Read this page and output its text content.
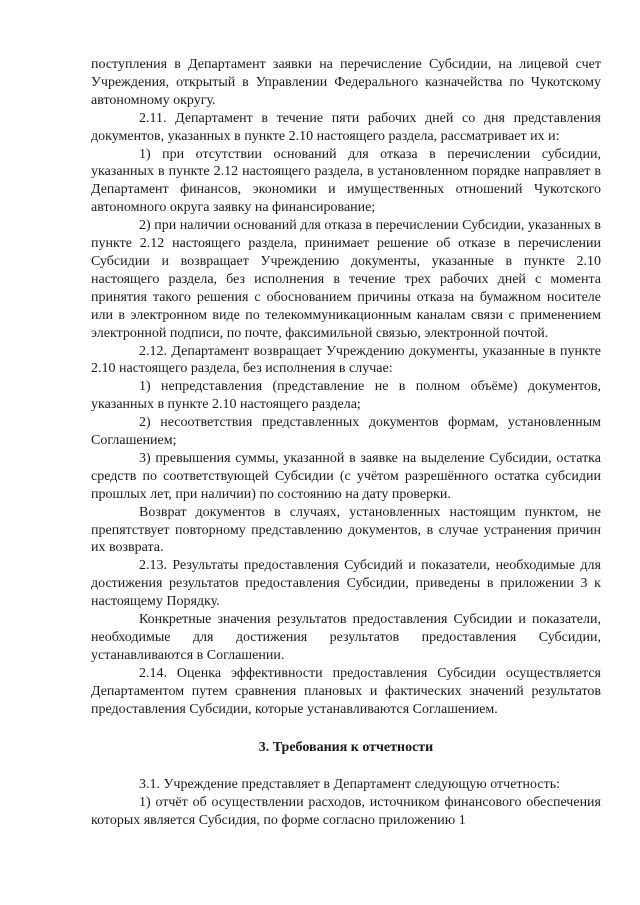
поступления в Департамент заявки на перечисление Субсидии, на лицевой счет Учреждения, открытый в Управлении Федерального казначейства по Чукотскому автономному округу.

2.11. Департамент в течение пяти рабочих дней со дня представления документов, указанных в пункте 2.10 настоящего раздела, рассматривает их и:

1) при отсутствии оснований для отказа в перечислении субсидии, указанных в пункте 2.12 настоящего раздела, в установленном порядке направляет в Департамент финансов, экономики и имущественных отношений Чукотского автономного округа заявку на финансирование;

2) при наличии оснований для отказа в перечислении Субсидии, указанных в пункте 2.12 настоящего раздела, принимает решение об отказе в перечислении Субсидии и возвращает Учреждению документы, указанные в пункте 2.10 настоящего раздела, без исполнения в течение трех рабочих дней с момента принятия такого решения с обоснованием причины отказа на бумажном носителе или в электронном виде по телекоммуникационным каналам связи с применением электронной подписи, по почте, факсимильной связью, электронной почтой.

2.12. Департамент возвращает Учреждению документы, указанные в пункте 2.10 настоящего раздела, без исполнения в случае:

1) непредставления (представление не в полном объёме) документов, указанных в пункте 2.10 настоящего раздела;

2) несоответствия представленных документов формам, установленным Соглашением;

3) превышения суммы, указанной в заявке на выделение Субсидии, остатка средств по соответствующей Субсидии (с учётом разрешённого остатка субсидии прошлых лет, при наличии) по состоянию на дату проверки.

Возврат документов в случаях, установленных настоящим пунктом, не препятствует повторному представлению документов, в случае устранения причин их возврата.

2.13. Результаты предоставления Субсидий и показатели, необходимые для достижения результатов предоставления Субсидии, приведены в приложении 3 к настоящему Порядку.

Конкретные значения результатов предоставления Субсидии и показатели, необходимые для достижения результатов предоставления Субсидии, устанавливаются в Соглашении.

2.14. Оценка эффективности предоставления Субсидии осуществляется Департаментом путем сравнения плановых и фактических значений результатов предоставления Субсидии, которые устанавливаются Соглашением.

3. Требования к отчетности

3.1. Учреждение представляет в Департамент следующую отчетность:

1) отчёт об осуществлении расходов, источником финансового обеспечения которых является Субсидия, по форме согласно приложению 1
